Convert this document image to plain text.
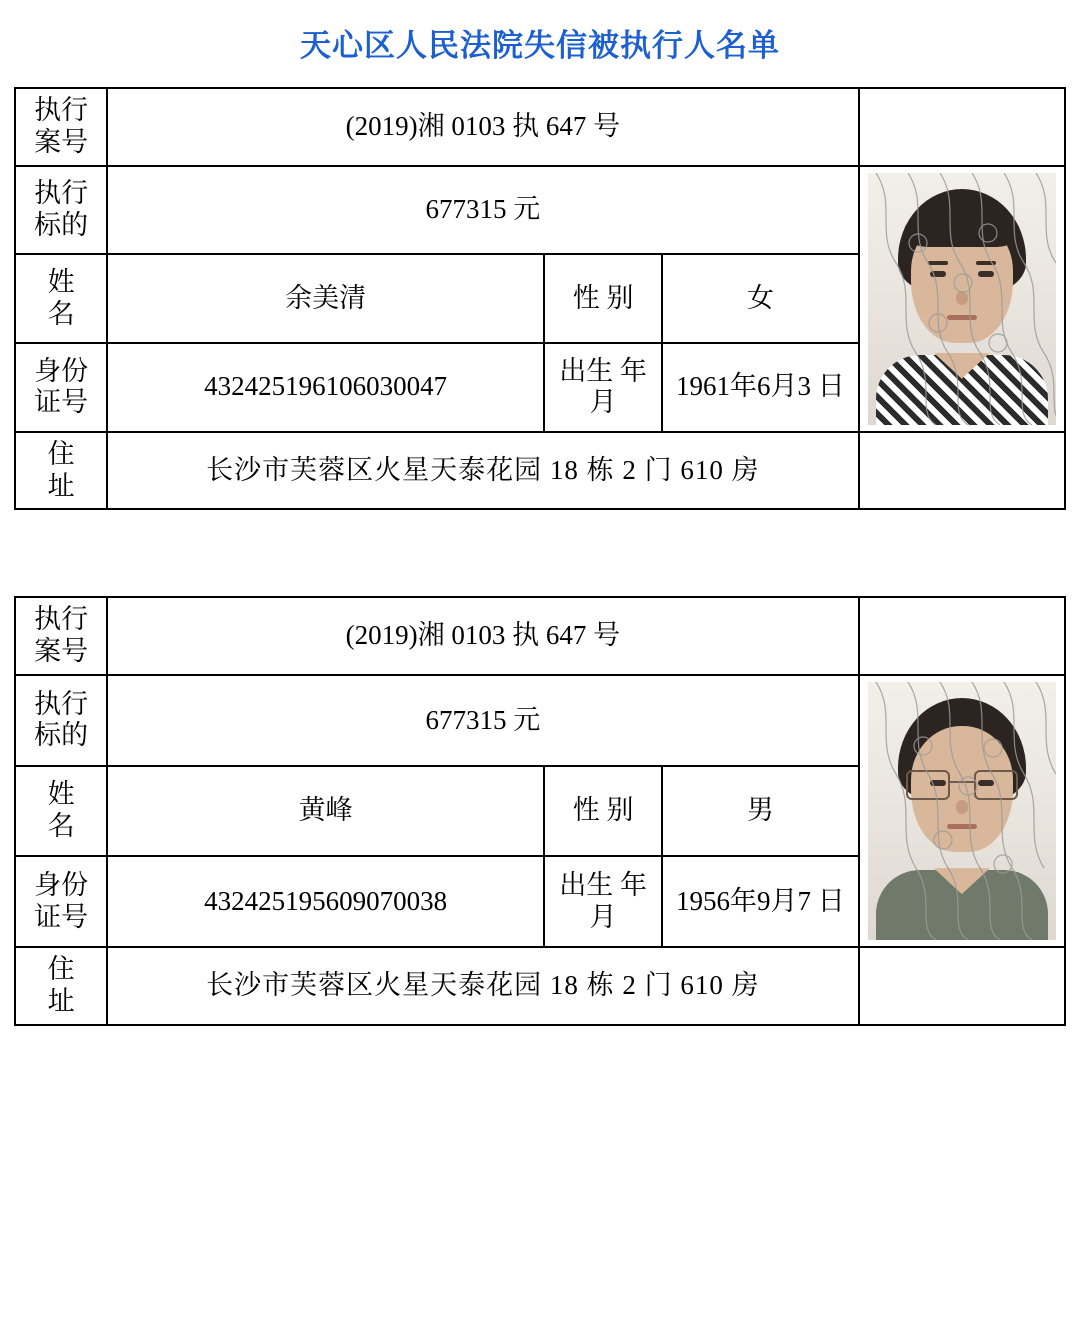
天心区人民法院失信被执行人名单
执行
案号	(2019)湘 0103 执 647 号			

执行
标的	677315 元	

姓
名	余美清	性 别	女	

身份
证号	432425196106030047	出生 年月	1961年6月3 日	

住
址	长沙市芙蓉区火星天泰花园 18 栋 2 门 610 房			
执行
案号	(2019)湘 0103 执 647 号			

执行
标的	677315 元	

姓
名	黄峰	性 别	男	

身份
证号	432425195609070038	出生 年月	1956年9月7 日	

住
址	长沙市芙蓉区火星天泰花园 18 栋 2 门 610 房			
